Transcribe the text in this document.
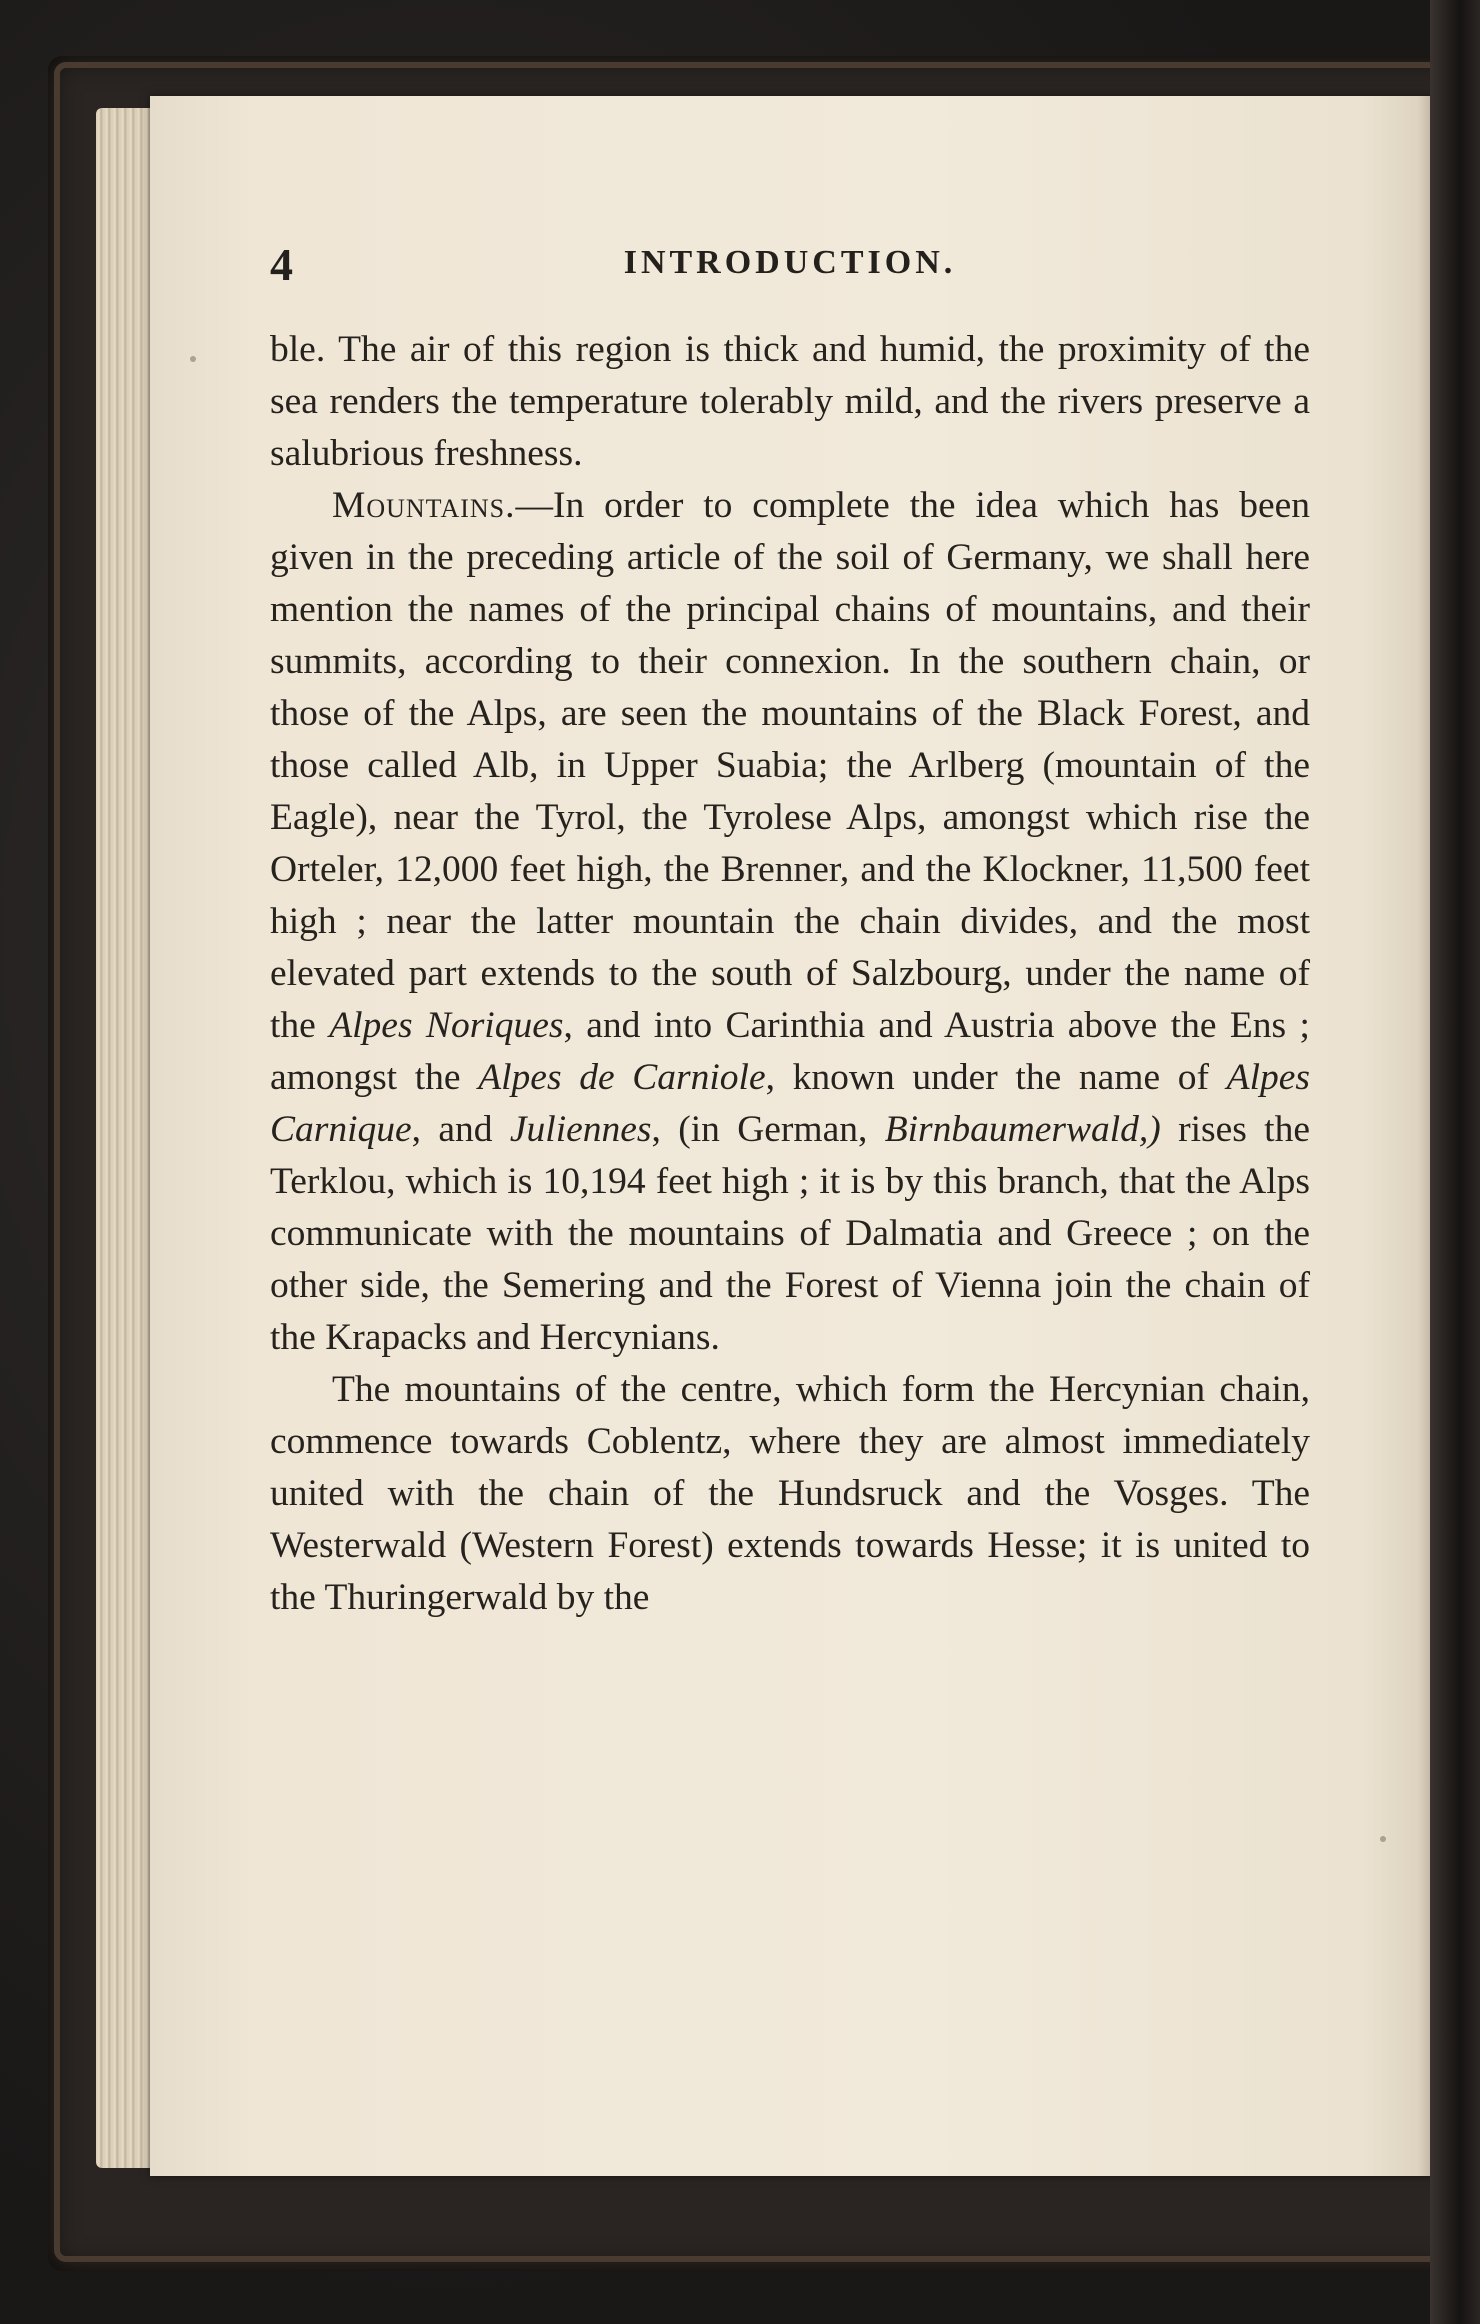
4	INTRODUCTION.

ble. The air of this region is thick and humid, the proximity of the sea renders the temperature tolerably mild, and the rivers preserve a salubrious freshness.

Mountains.—In order to complete the idea which has been given in the preceding article of the soil of Germany, we shall here mention the names of the principal chains of mountains, and their summits, according to their connexion. In the southern chain, or those of the Alps, are seen the mountains of the Black Forest, and those called Alb, in Upper Suabia; the Arlberg (mountain of the Eagle), near the Tyrol, the Tyrolese Alps, amongst which rise the Orteler, 12,000 feet high, the Brenner, and the Klockner, 11,500 feet high ; near the latter mountain the chain divides, and the most elevated part extends to the south of Salzbourg, under the name of the Alpes Noriques, and into Carinthia and Austria above the Ens ; amongst the Alpes de Carniole, known under the name of Alpes Carnique, and Juliennes, (in German, Birnbaumerwald,) rises the Terklou, which is 10,194 feet high ; it is by this branch, that the Alps communicate with the mountains of Dalmatia and Greece ; on the other side, the Semering and the Forest of Vienna join the chain of the Krapacks and Hercynians.

The mountains of the centre, which form the Hercynian chain, commence towards Coblentz, where they are almost immediately united with the chain of the Hundsruck and the Vosges. The Westerwald (Western Forest) extends towards Hesse; it is united to the Thuringerwald by the
